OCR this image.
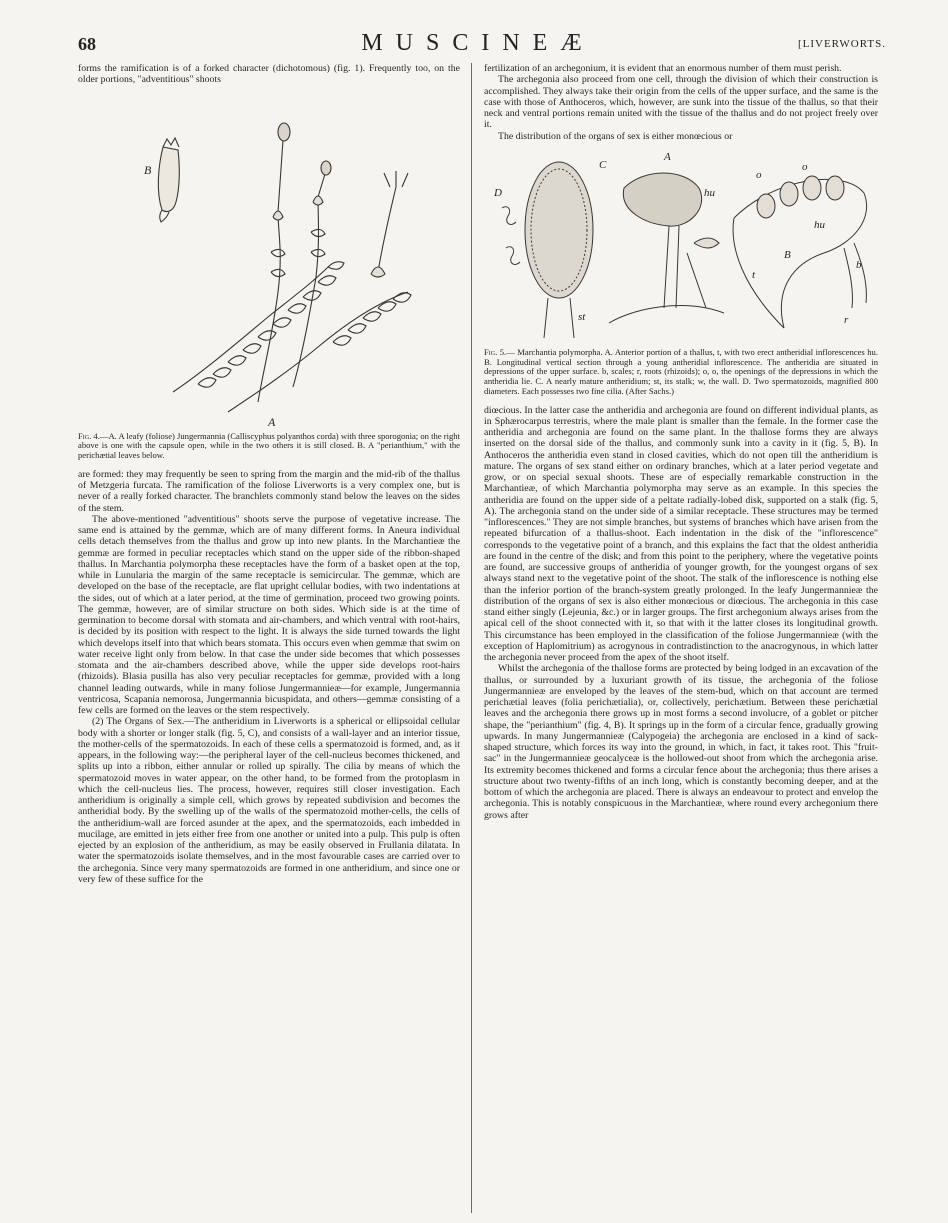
68	MUSCINEÆ	[LIVERWORTS.

forms the ramification is of a forked character (dichotomous) (fig. 1). Frequently too, on the older portions, "adventitious" shoots

B
A

Fig. 4.—A. A leafy (foliose) Jungermannia (Calliscyphus polyanthos corda) with three sporogonia; on the right above is one with the capsule open, while in the two others it is still closed. B. A "perianthium," with the perichætial leaves below.

are formed: they may frequently be seen to spring from the margin and the mid-rib of the thallus of Metzgeria furcata. The ramification of the foliose Liverworts is a very complex one, but is never of a really forked character. The branchlets commonly stand below the leaves on the sides of the stem.

The above-mentioned "adventitious" shoots serve the purpose of vegetative increase. The same end is attained by the gemmæ, which are of many different forms. In Aneura individual cells detach themselves from the thallus and grow up into new plants. In the Marchantieæ the gemmæ are formed in peculiar receptacles which stand on the upper side of the ribbon-shaped thallus. In Marchantia polymorpha these receptacles have the form of a basket open at the top, while in Lunularia the margin of the same receptacle is semicircular. The gemmæ, which are developed on the base of the receptacle, are flat upright cellular bodies, with two indentations at the sides, out of which at a later period, at the time of germination, proceed two growing points. The gemmæ, however, are of similar structure on both sides. Which side is at the time of germination to become dorsal with stomata and air-chambers, and which ventral with root-hairs, is decided by its position with respect to the light. It is always the side turned towards the light which develops itself into that which bears stomata. This occurs even when gemmæ that swim on water receive light only from below. In that case the under side becomes that which possesses stomata and the air-chambers described above, while the upper side develops root-hairs (rhizoids). Blasia pusilla has also very peculiar receptacles for gemmæ, provided with a long channel leading outwards, while in many foliose Jungermannieæ—for example, Jungermannia ventricosa, Scapania nemorosa, Jungermannia bicuspidata, and others—gemmæ consisting of a few cells are formed on the leaves or the stem respectively.

(2) The Organs of Sex.—The antheridium in Liverworts is a spherical or ellipsoidal cellular body with a shorter or longer stalk (fig. 5, C), and consists of a wall-layer and an interior tissue, the mother-cells of the spermatozoids. In each of these cells a spermatozoid is formed, and, as it appears, in the following way:—the peripheral layer of the cell-nucleus becomes thickened, and splits up into a ribbon, either annular or rolled up spirally. The cilia by means of which the spermatozoid moves in water appear, on the other hand, to be formed from the protoplasm in which the cell-nucleus lies. The process, however, requires still closer investigation. Each antheridium is originally a simple cell, which grows by repeated subdivision and becomes the antheridial body. By the swelling up of the walls of the spermatozoid mother-cells, the cells of the antheridium-wall are forced asunder at the apex, and the spermatozoids, each imbedded in mucilage, are emitted in jets either free from one another or united into a pulp. This pulp is often ejected by an explosion of the antheridium, as may be easily observed in Frullania dilatata. In water the spermatozoids isolate themselves, and in the most favourable cases are carried over to the archegonia. Since very many spermatozoids are formed in one antheridium, and since one or very few of these suffice for the

fertilization of an archegonium, it is evident that an enormous number of them must perish.

The archegonia also proceed from one cell, through the division of which their construction is accomplished. They always take their origin from the cells of the upper surface, and the same is the case with those of Anthoceros, which, however, are sunk into the tissue of the thallus, so that their neck and ventral portions remain united with the tissue of the thallus and do not project freely over it.

The distribution of the organs of sex is either monœcious or

A
B
C
D	hu
hu
o
o
b
r
t
st

Fig. 5.— Marchantia polymorpha. A. Anterior portion of a thallus, t, with two erect antheridial inflorescences hu. B. Longitudinal vertical section through a young antheridial inflorescence. The antheridia are situated in depressions of the upper surface. b, scales; r, roots (rhizoids); o, o, the openings of the depressions in which the antheridia lie. C. A nearly mature antheridium; st, its stalk; w, the wall. D. Two spermatozoids, magnified 800 diameters. Each possesses two fine cilia. (After Sachs.)

diœcious. In the latter case the antheridia and archegonia are found on different individual plants, as in Sphærocarpus terrestris, where the male plant is smaller than the female. In the former case the antheridia and archegonia are found on the same plant. In the thallose forms they are always inserted on the dorsal side of the thallus, and commonly sunk into a cavity in it (fig. 5, B). In Anthoceros the antheridia even stand in closed cavities, which do not open till the antheridium is mature. The organs of sex stand either on ordinary branches, which at a later period vegetate and grow, or on special sexual shoots. These are of especially remarkable construction in the Marchantieæ, of which Marchantia polymorpha may serve as an example. In this species the antheridia are found on the upper side of a peltate radially-lobed disk, supported on a stalk (fig. 5, A). The archegonia stand on the under side of a similar receptacle. These structures may be termed "inflorescences." They are not simple branches, but systems of branches which have arisen from the repeated bifurcation of a thallus-shoot. Each indentation in the disk of the "inflorescence" corresponds to the vegetative point of a branch, and this explains the fact that the oldest antheridia are found in the centre of the disk; and from this point to the periphery, where the vegetative points are found, are successive groups of antheridia of younger growth, for the youngest organs of sex always stand next to the vegetative point of the shoot. The stalk of the inflorescence is nothing else than the inferior portion of the branch-system greatly prolonged. In the leafy Jungermannieæ the distribution of the organs of sex is also either monœcious or diœcious. The archegonia in this case stand either singly (Lejeunia, &c.) or in larger groups. The first archegonium always arises from the apical cell of the shoot connected with it, so that with it the latter closes its longitudinal growth. This circumstance has been employed in the classification of the foliose Jungermannieæ (with the exception of Haplomitrium) as acrogynous in contradistinction to the anacrogynous, in which latter the archegonia never proceed from the apex of the shoot itself.

Whilst the archegonia of the thallose forms are protected by being lodged in an excavation of the thallus, or surrounded by a luxuriant growth of its tissue, the archegonia of the foliose Jungermannieæ are enveloped by the leaves of the stem-bud, which on that account are termed perichætial leaves (folia perichætialia), or, collectively, perichætium. Between these perichætial leaves and the archegonia there grows up in most forms a second involucre, of a goblet or pitcher shape, the "perianthium" (fig. 4, B). It springs up in the form of a circular fence, gradually growing upwards. In many Jungermannieæ (Calypogeia) the archegonia are enclosed in a kind of sack-shaped structure, which forces its way into the ground, in which, in fact, it takes root. This "fruit-sac" in the Jungermannieæ geocalyceæ is the hollowed-out shoot from which the archegonia arise. Its extremity becomes thickened and forms a circular fence about the archegonia; thus there arises a structure about two twenty-fifths of an inch long, which is constantly becoming deeper, and at the bottom of which the archegonia are placed. There is always an endeavour to protect and envelop the archegonia. This is notably conspicuous in the Marchantieæ, where round every archegonium there grows after
